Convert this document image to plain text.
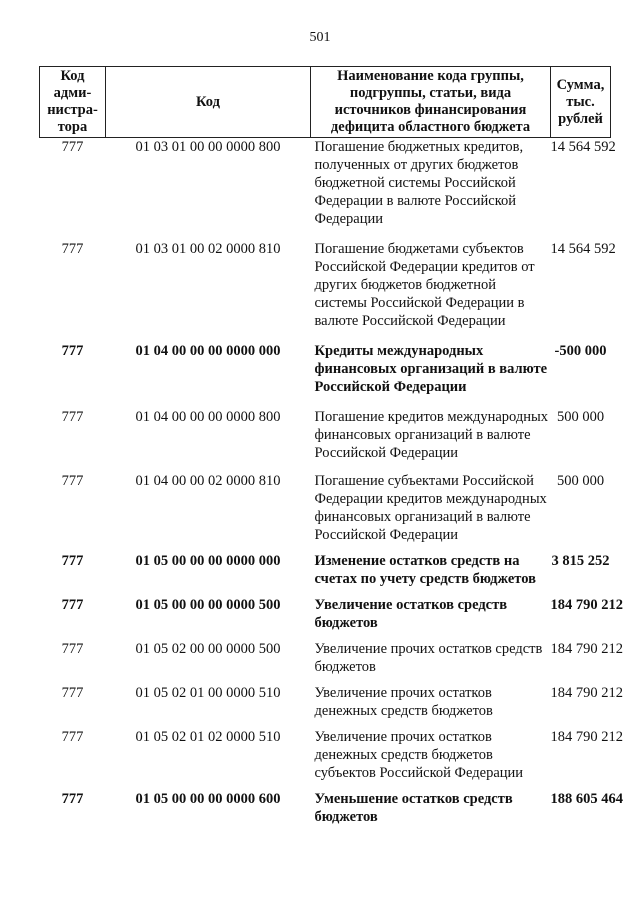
501
Код адми-нистра-тора	Код	Наименование кода группы, подгруппы, статьи, вида источников финансирования дефицита областного бюджета	Сумма, тыс. рублей
777	01 03 01 00 00 0000 800	Погашение бюджетных кредитов, полученных от других бюджетов бюджетной системы Российской Федерации в валюте Российской Федерации	14 564 592
777	01 03 01 00 02 0000 810	Погашение бюджетами субъектов Российской Федерации кредитов от других бюджетов бюджетной системы Российской Федерации в валюте Российской Федерации	14 564 592
777	01 04 00 00 00 0000 000	Кредиты международных финансовых организаций в валюте Российской Федерации	-500 000
777	01 04 00 00 00 0000 800	Погашение кредитов международных финансовых организаций в валюте Российской Федерации	500 000
777	01 04 00 00 02 0000 810	Погашение субъектами Российской Федерации кредитов международных финансовых организаций в валюте Российской Федерации	500 000
777	01 05 00 00 00 0000 000	Изменение остатков средств на счетах по учету средств бюджетов	3 815 252
777	01 05 00 00 00 0000 500	Увеличение остатков средств бюджетов	184 790 212
777	01 05 02 00 00 0000 500	Увеличение прочих остатков средств бюджетов	184 790 212
777	01 05 02 01 00 0000 510	Увеличение прочих остатков денежных средств бюджетов	184 790 212
777	01 05 02 01 02 0000 510	Увеличение прочих остатков денежных средств бюджетов субъектов Российской Федерации	184 790 212
777	01 05 00 00 00 0000 600	Уменьшение остатков средств бюджетов	188 605 464
